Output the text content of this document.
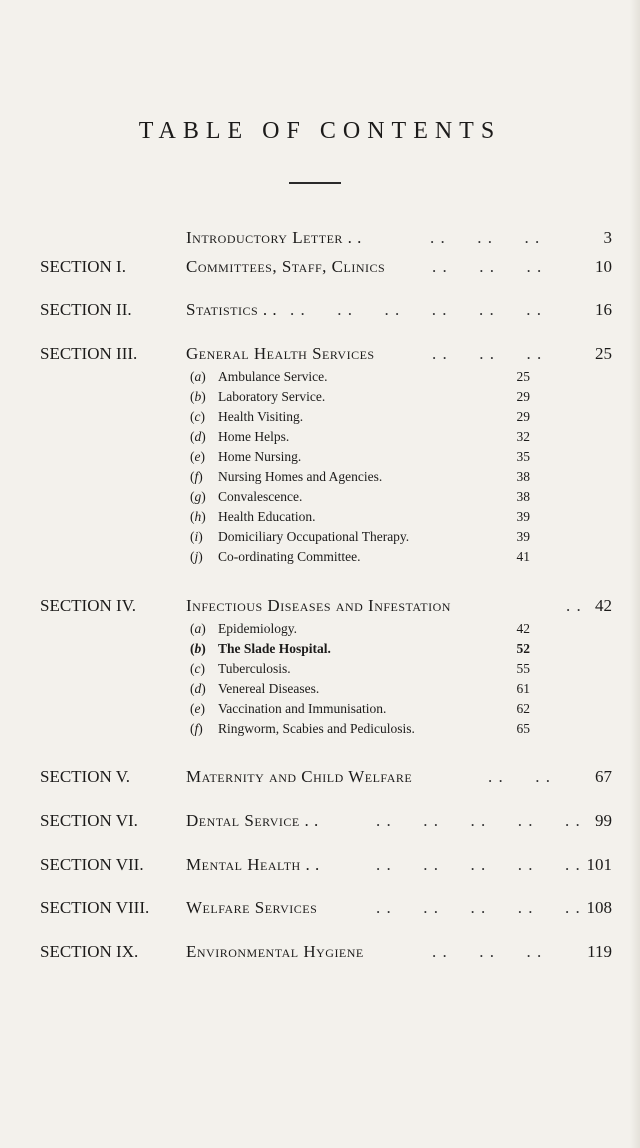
TABLE OF CONTENTS
Introductory Letter . .	. . . . . .	3
SECTION I.	Committees, Staff, Clinics	. . . . . .	10
SECTION II.	Statistics . . . . . . . . . . . . . .	16
SECTION III.	General Health Services	. . . . . .	25
(a) Ambulance Service.	25
(b) Laboratory Service.	29
(c) Health Visiting.	29
(d) Home Helps.	32
(e) Home Nursing.	35
(f) Nursing Homes and Agencies.	38
(g) Convalescence.	38
(h) Health Education.	39
(i) Domiciliary Occupational Therapy.	39
(j) Co-ordinating Committee.	41
SECTION IV.	Infectious Diseases and Infestation	. . 42
(a) Epidemiology.	42
(b) The Slade Hospital.	52
(c) Tuberculosis.	55
(d) Venereal Diseases.	61
(e) Vaccination and Immunisation.	62
(f) Ringworm, Scabies and Pediculosis.	65
SECTION V.	Maternity and Child Welfare	. . . .	67
SECTION VI.	Dental Service . .	. . . . . . . . . . 99
SECTION VII. Mental Health . .	. . . . . . . . . . 101
SECTION VIII. Welfare Services	. . . . . . . . . . 108
SECTION IX.	Environmental Hygiene	. . . . . .	119
